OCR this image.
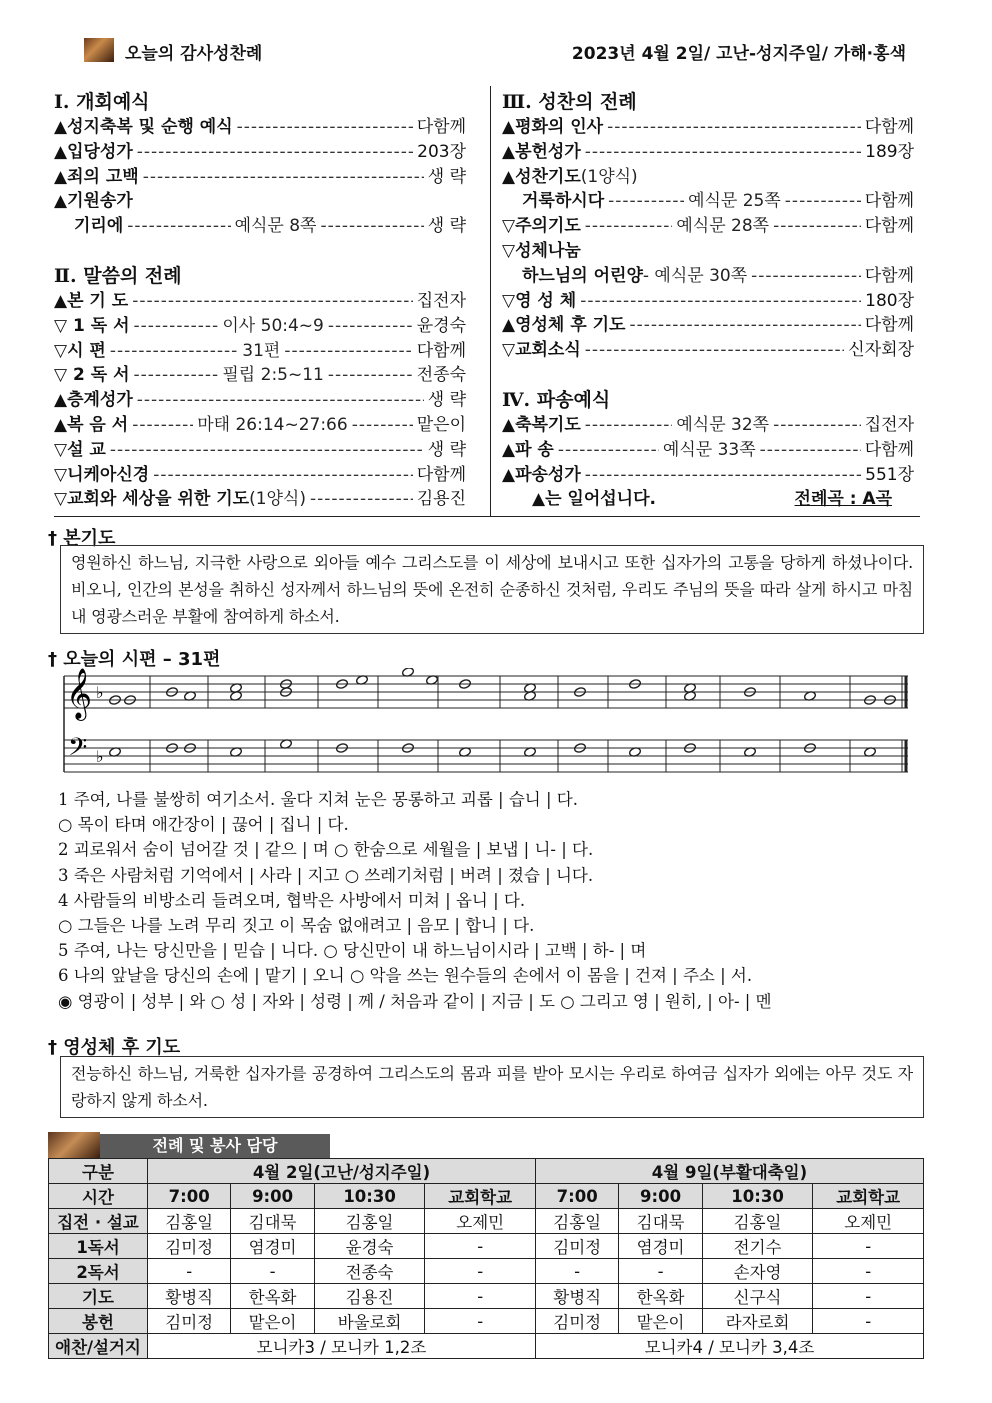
오늘의 감사성찬례	2023년 4월 2일/ 고난-성지주일/ 가해·홍색
Ⅰ. 개회예식
▲성지축복 및 순행 예식 -----	다함께
▲입당성가 -----	203장
▲죄의 고백 -----	생 략
▲기원송가
기리에 -----	예식문 8쪽 -----	생 략
Ⅱ. 말씀의 전례
▲본 기 도 -----	집전자
▽ 1 독 서 -----	이사 50:4~9 -----	윤경숙
▽시 편 -----	31편 -----	다함께
▽ 2 독 서 -----	필립 2:5~11 -----	전종숙
▲층계성가 -----	생 략
▲복 음 서 -----	마태 26:14~27:66 -----	맡은이
▽설 교 -----	생 략
▽니케아신경 -----	다함께
▽교회와 세상을 위한 기도 (1양식) -----	김용진
Ⅲ. 성찬의 전례
▲평화의 인사 -----	다함께
▲봉헌성가 -----	189장
▲성찬기도 (1양식)
거룩하시다 -----	예식문 25쪽 -----	다함께
▽주의기도 -----	예식문 28쪽 -----	다함께
▽성체나눔
하느님의 어린양 - 예식문 30쪽 -----	다함께
▽영 성 체 -----	180장
▲영성체 후 기도 -----	다함께
▽교회소식 -----	신자회장
Ⅳ. 파송예식
▲축복기도 -----	예식문 32쪽 -----	집전자
▲파 송 -----	예식문 33쪽 -----	다함께
▲파송성가 -----	551장
▲는 일어섭니다.	전례곡 : A곡
† 본기도
영원하신 하느님, 지극한 사랑으로 외아들 예수 그리스도를 이 세상에 보내시고 또한 십자가의 고통을 당하게 하셨나이다. 비오니, 인간의 본성을 취하신 성자께서 하느님의 뜻에 온전히 순종하신 것처럼, 우리도 주님의 뜻을 따라 살게 하시고 마침내 영광스러운 부활에 참여하게 하소서.
† 오늘의 시편 – 31편
𝄞
𝄢
♭
♭
1 주여, 나를 불쌍히 여기소서. 울다 지쳐 눈은 몽롱하고 괴롭 | 습니 | 다.
○ 목이 타며 애간장이 | 끊어 | 집니 | 다.
2 괴로워서 숨이 넘어갈 것 | 같으 | 며 ○ 한숨으로 세월을 | 보냅 | 니- | 다.
3 죽은 사람처럼 기억에서 | 사라 | 지고 ○ 쓰레기처럼 | 버려 | 졌습 | 니다.
4 사람들의 비방소리 들려오며, 협박은 사방에서 미쳐 | 옵니 | 다.
○ 그들은 나를 노려 무리 짓고 이 목숨 없애려고 | 음모 | 합니 | 다.
5 주여, 나는 당신만을 | 믿습 | 니다. ○ 당신만이 내 하느님이시라 | 고백 | 하- | 며
6 나의 앞날을 당신의 손에 | 맡기 | 오니 ○ 악을 쓰는 원수들의 손에서 이 몸을 | 건져 | 주소 | 서.
◉ 영광이 | 성부 | 와 ○ 성 | 자와 | 성령 | 께 / 처음과 같이 | 지금 | 도 ○ 그리고 영 | 원히, | 아- | 멘
† 영성체 후 기도
전능하신 하느님, 거룩한 십자가를 공경하여 그리스도의 몸과 피를 받아 모시는 우리로 하여금 십자가 외에는 아무 것도 자랑하지 않게 하소서.
전례 및 봉사 담당
구분	4월 2일(고난/성지주일)				4월 9일(부활대축일)			
시간	7:00	9:00	10:30	교회학교	7:00	9:00	10:30	교회학교
집전 · 설교	김홍일	김대묵	김홍일	오제민	김홍일	김대묵	김홍일	오제민
1독서	김미정	염경미	윤경숙	-	김미정	염경미	전기수	-
2독서	-	-	전종숙	-	-	-	손자영	-
기도	황병직	한옥화	김용진	-	황병직	한옥화	신구식	-
봉헌	김미정	맡은이	바울로회	-	김미정	맡은이	라자로회	-
애찬/설거지	모니카3 / 모니카 1,2조				모니카4 / 모니카 3,4조			
